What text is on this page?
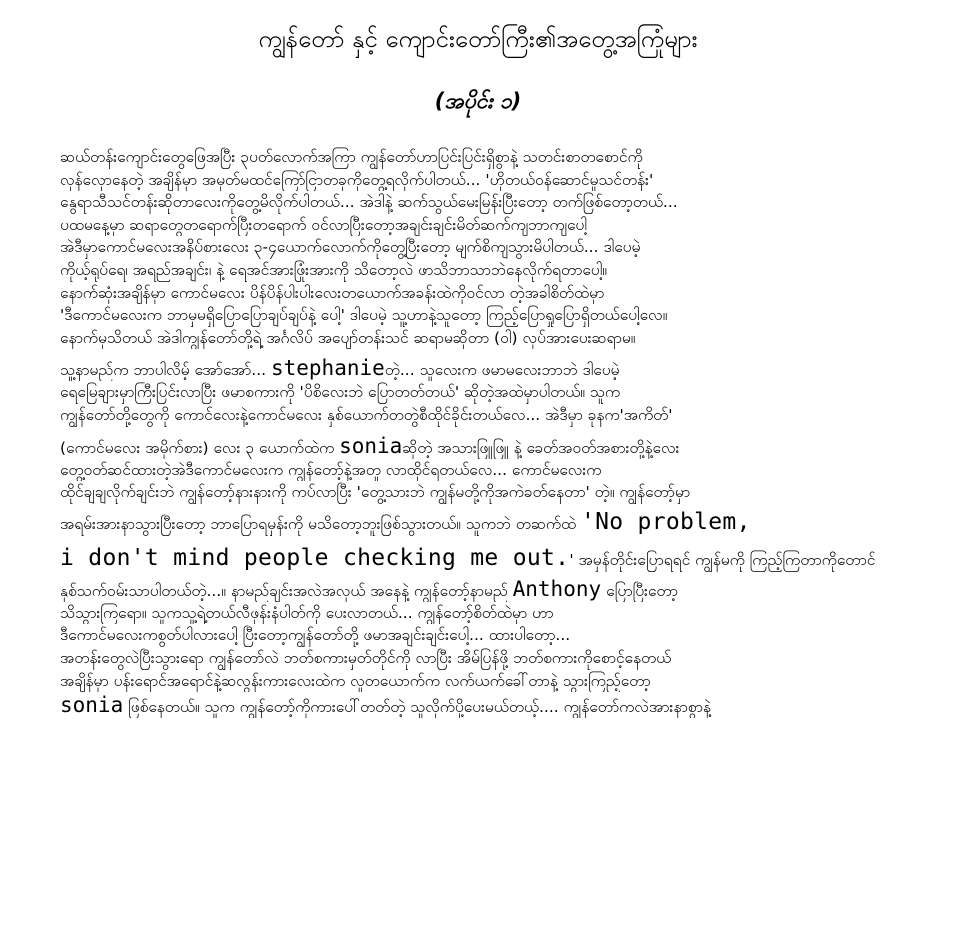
ကျွန်တော် နှင့် ကျောင်းတော်ကြီး၏အတွေ့အကြုံများ
(အပိုင်း ၁)
ဆယ်တန်းကျောင်းတွေဖြေအပြီး ၃ပတ်လောက်အကြာ ကျွန်တော်ဟာပြင်းပြင်းရှိစွာနဲ့ သတင်းစာတစောင်ကို
လှန်လှောနေတဲ့ အချိန်မှာ အမှတ်မထင်ကြော်ငြာတခုကိုတွေ့ရလိုက်ပါတယ်... 'ဟိုတယ်ဝန်ဆောင်မှုသင်တန်း'
နွေရာသီသင်တန်းဆိုတာလေးကိုတွေ့မိလိုက်ပါတယ်... အဲဒါနဲ့ ဆက်သွယ်မေးမြန်းပြီးတော့ တက်ဖြစ်တော့တယ်...
ပထမနေ့မှာ ဆရာတွေတရောက်ပြီးတရောက် ဝင်လာပြီးတော့အချင်းချင်းမိတ်ဆက်ကျဘာကျပေါ့
အဲဒီမှာကောင်မလေးအနိပ်စားလေး ၃-၄ယောက်လောက်ကိုတွေ့ပြီးတော့ မျက်စိကျသွားမိပါတယ်... ဒါပေမဲ့
ကိုယ့်ရုပ်ရေ၊ အရည်အချင်း၊ နဲ့ ရေအင်အားဖြုံးအားကို သိတော့လဲ ဖာသိဘာသာဘဲနေလိုက်ရတာပေါ့။
နောက်ဆုံးအချိန်မှာ ကောင်မလေး ပိန်ပိန်ပါးပါးလေးတယောက်အခန်းထဲကိုဝင်လာ တဲ့အခါစိတ်ထဲမှာ
'ဒီကောင်မလေးက ဘာမှမရှိပြောပြောချပ်ချပ်နဲ့ ပေါ့' ဒါပေမဲ့ သူ့ဟာနဲ့သူတော့ ကြည့်ပြောရှုပြောရှိတယ်ပေါ့လေ။
နောက်မှသိတယ် အဲဒါကျွန်တော်တို့ရဲ့ အင်္ဂလိပ် အပျော်တန်းသင် ဆရာမဆိုတာ (ဝါ) လုပ်အားပေးဆရာမ။
သူ့နာမည်က ဘာပါလိမ့် အော်အော်... stephanieတဲ့... သူလေးက ဖမာမလေးဘာဘဲ ဒါပေမဲ့
ရေမြေချားမှာကြီးပြင်းလာပြီး ဖမာစကားကို 'ပိစိလေးဘဲ ပြောတတ်တယ်' ဆိုတဲ့အထဲမှာပါတယ်။ သူက
ကျွန်တော်တို့တွေကို ကောင်လေးနဲ့ကောင်မလေး နှစ်ယောက်တတွဲစီထိုင်ခိုင်းတယ်လေ... အဲဒီမှာ ခုနက'အကိတ်'
(ကောင်မလေး အမိုက်စား) လေး ၃ ယောက်ထဲက soniaဆိုတဲ့ အသားဖြူဖြူ နဲ့ ခေတ်အဝတ်အစားတို့နဲ့လေး
တွေ့ဝတ်ဆင်ထားတဲ့အဲဒီကောင်မလေးက ကျွန်တော့်နဲ့အတူ လာထိုင်ရတယ်လေ... ကောင်မလေးက
ထိုင်ချချလိုက်ချင်းဘဲ ကျွန်တော့်နားနားကို ကပ်လာပြီး 'တွေ့သားဘဲ ကျွန်မတို့ကိုအကဲခတ်နေတာ' တဲ့။ ကျွန်တော့်မှာ
အရမ်းအားနာသွားပြီးတော့ ဘာပြောရမှန်းကို မသိတော့ဘူးဖြစ်သွားတယ်။ သူကဘဲ တဆက်ထဲ 'No problem,
i don't mind people checking me out.' အမှန်တိုင်းပြောရရင် ကျွန်မကို ကြည့်ကြတာကိုတောင်
နှစ်သက်ဝမ်းသာပါတယ်တဲ့...။ နာမည်ချင်းအလဲအလှယ် အနေနဲ့ ကျွန်တော့်နာမည် Anthony ပြောပြီးတော့
သိသွားကြရော။ သူကသူ့ရဲ့တယ်လီဖုန်းနံပါတ်ကို ပေးလာတယ်... ကျွန်တော့်စိတ်ထဲမှာ ဟာ
ဒီကောင်မလေးကစွတ်ပါလားပေါ့ ပြီးတော့ကျွန်တော်တို့ ဖမာအချင်းချင်းပေါ့... ထားပါတော့...
အတန်းတွေလဲပြီးသွားရော ကျွန်တော်လဲ ဘတ်စကားမှတ်တိုင်ကို လာပြီး အိမ်ပြန်ဖို့ ဘတ်စကားကိုစောင့်နေတယ်
အချိန်မှာ ပန်းရောင်အရောင်နဲ့ဆလွန်းကားလေးထဲက လူတယောက်က လက်ယက်ခေါ်တာနဲ့ သွားကြည့်တော့
sonia ဖြစ်နေတယ်။ သူက ကျွန်တော့်ကိုကားပေါ်တတ်တဲ့ သူလိုက်ပို့ပေးမယ်တယ့်.... ကျွန်တော်ကလဲအားနာစွာနဲ့
